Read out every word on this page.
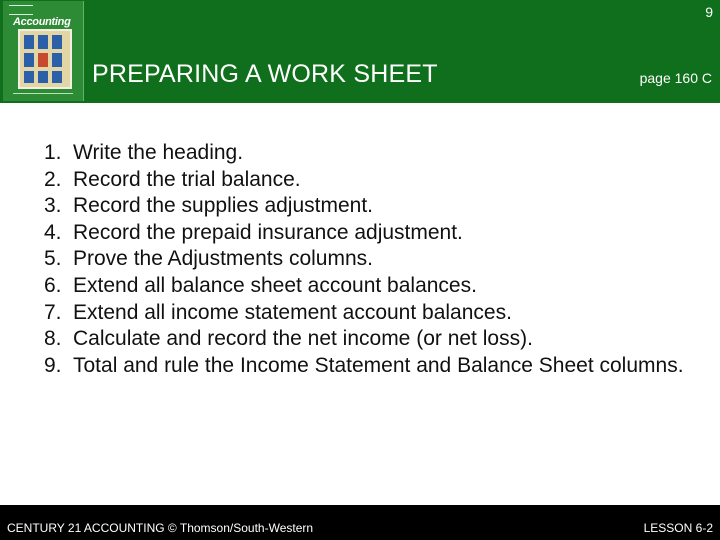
Accounting
9
PREPARING A WORK SHEET	page 160 C
1. Write the heading.
2. Record the trial balance.
3. Record the supplies adjustment.
4. Record the prepaid insurance adjustment.
5. Prove the Adjustments columns.
6. Extend all balance sheet account balances.
7. Extend all income statement account balances.
8. Calculate and record the net income (or net loss).
9. Total and rule the Income Statement and Balance Sheet columns.
CENTURY 21 ACCOUNTING © Thomson/South-Western	LESSON 6-2
